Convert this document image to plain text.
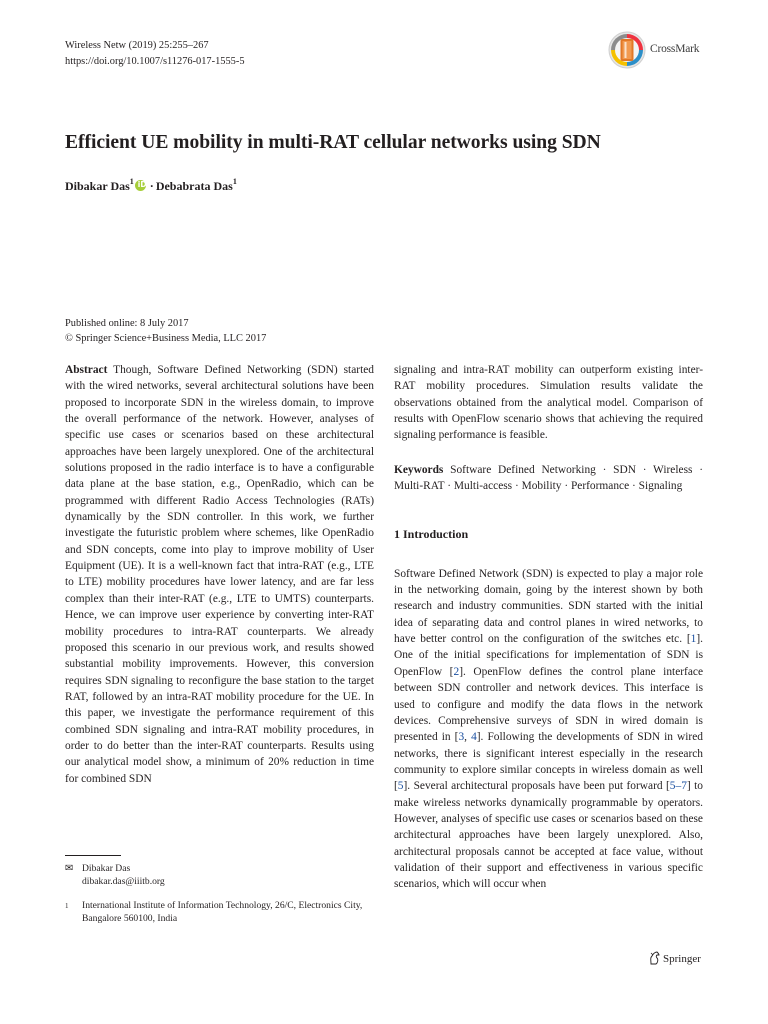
Wireless Netw (2019) 25:255–267
https://doi.org/10.1007/s11276-017-1555-5
CrossMark
Efficient UE mobility in multi-RAT cellular networks using SDN
Dibakar Das$^1$ iD · Debabrata Das$^1$
Published online: 8 July 2017
© Springer Science+Business Media, LLC 2017

Abstract Though, Software Defined Networking (SDN) started with the wired networks, several architectural solutions have been proposed to incorporate SDN in the wireless domain, to improve the overall performance of the network. However, analyses of specific use cases or scenarios based on these architectural approaches have been largely unexplored. One of the architectural solutions proposed in the radio interface is to have a configurable data plane at the base station, e.g., OpenRadio, which can be programmed with different Radio Access Technologies (RATs) dynamically by the SDN controller. In this work, we further investigate the futuristic problem where schemes, like OpenRadio and SDN concepts, come into play to improve mobility of User Equipment (UE). It is a well-known fact that intra-RAT (e.g., LTE to LTE) mobility procedures have lower latency, and are far less complex than their inter-RAT (e.g., LTE to UMTS) counterparts. Hence, we can improve user experience by converting inter-RAT mobility procedures to intra-RAT counterparts. We already proposed this scenario in our previous work, and results showed substantial mobility improvements. However, this conversion requires SDN signaling to reconfigure the base station to the target RAT, followed by an intra-RAT mobility procedure for the UE. In this paper, we investigate the performance requirement of this combined SDN signaling and intra-RAT mobility procedures, in order to do better than the inter-RAT counterparts. Results using our analytical model show, a minimum of 20% reduction in time for combined SDN

signaling and intra-RAT mobility can outperform existing inter-RAT mobility procedures. Simulation results validate the observations obtained from the analytical model. Comparison of results with OpenFlow scenario shows that achieving the required signaling performance is feasible.

Keywords Software Defined Networking · SDN · Wireless · Multi-RAT · Multi-access · Mobility · Performance · Signaling

1 Introduction

Software Defined Network (SDN) is expected to play a major role in the networking domain, going by the interest shown by both research and industry communities. SDN started with the initial idea of separating data and control planes in wired networks, to have better control on the configuration of the switches etc. [1]. One of the initial specifications for implementation of SDN is OpenFlow [2]. OpenFlow defines the control plane interface between SDN controller and network devices. This interface is used to configure and modify the data flows in the network devices. Comprehensive surveys of SDN in wired domain is presented in [3, 4]. Following the developments of SDN in wired networks, there is significant interest especially in the research community to explore similar concepts in wireless domain as well [5]. Several architectural proposals have been put forward [5–7] to make wireless networks dynamically programmable by operators. However, analyses of specific use cases or scenarios based on these architectural approaches have been largely unexplored. Also, architectural proposals cannot be accepted at face value, without validation of their support and effectiveness in various specific scenarios, which will occur when

✉ Dibakar Das
dibakar.das@iiitb.org
1	International Institute of Information Technology, 26/C, Electronics City, Bangalore 560100, India
Springer
